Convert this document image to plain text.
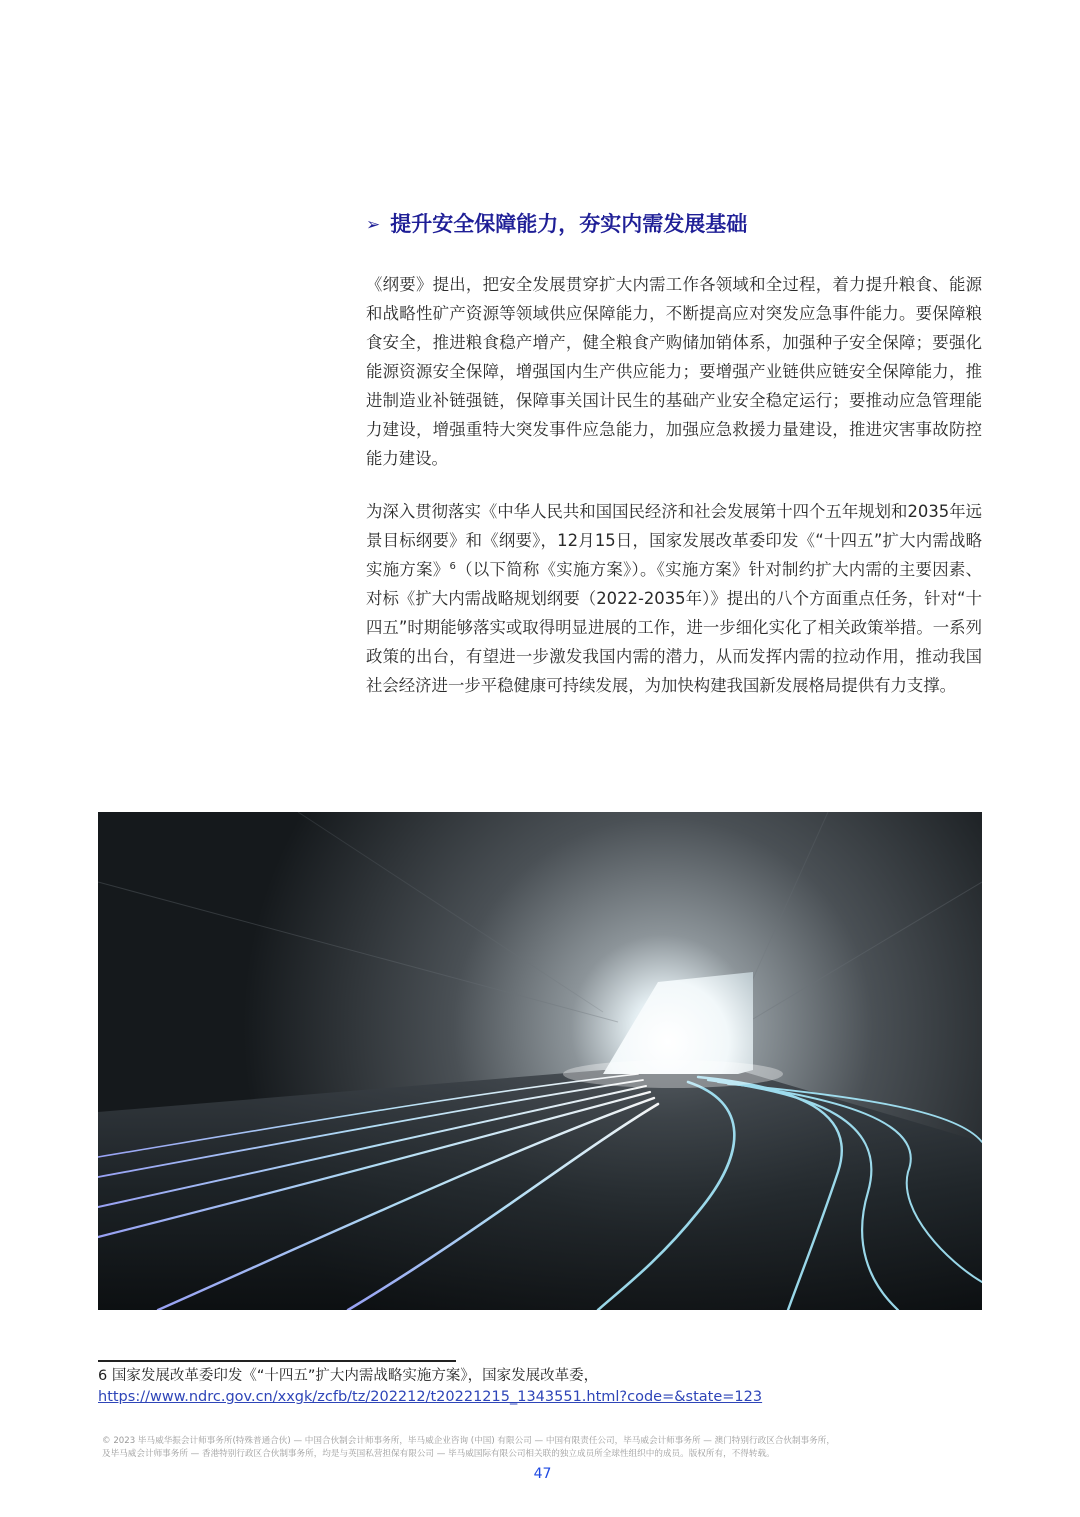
➢ 提升安全保障能力，夯实内需发展基础

《纲要》提出，把安全发展贯穿扩大内需工作各领域和全过程，着力提升粮食、能源和战略性矿产资源等领域供应保障能力，不断提高应对突发应急事件能力。要保障粮食安全，推进粮食稳产增产，健全粮食产购储加销体系，加强种子安全保障；要强化能源资源安全保障，增强国内生产供应能力；要增强产业链供应链安全保障能力，推进制造业补链强链，保障事关国计民生的基础产业安全稳定运行；要推动应急管理能力建设，增强重特大突发事件应急能力，加强应急救援力量建设，推进灾害事故防控能力建设。

为深入贯彻落实《中华人民共和国国民经济和社会发展第十四个五年规划和2035年远景目标纲要》和《纲要》，12月15日，国家发展改革委印发《“十四五”扩大内需战略实施方案》$^6$（以下简称《实施方案》）。《实施方案》针对制约扩大内需的主要因素、对标《扩大内需战略规划纲要（2022-2035年）》提出的八个方面重点任务，针对“十四五”时期能够落实或取得明显进展的工作，进一步细化实化了相关政策举措。一系列政策的出台，有望进一步激发我国内需的潜力，从而发挥内需的拉动作用，推动我国社会经济进一步平稳健康可持续发展，为加快构建我国新发展格局提供有力支撑。

6 国家发展改革委印发《“十四五”扩大内需战略实施方案》，国家发展改革委，
https://www.ndrc.gov.cn/xxgk/zcfb/tz/202212/t20221215_1343551.html?code=&state=123
© 2023 毕马威华振会计师事务所(特殊普通合伙) — 中国合伙制会计师事务所，毕马威企业咨询 (中国) 有限公司 — 中国有限责任公司，毕马威会计师事务所 — 澳门特别行政区合伙制事务所，
及毕马威会计师事务所 — 香港特别行政区合伙制事务所，均是与英国私营担保有限公司 — 毕马威国际有限公司相关联的独立成员所全球性组织中的成员。版权所有，不得转载。
47
